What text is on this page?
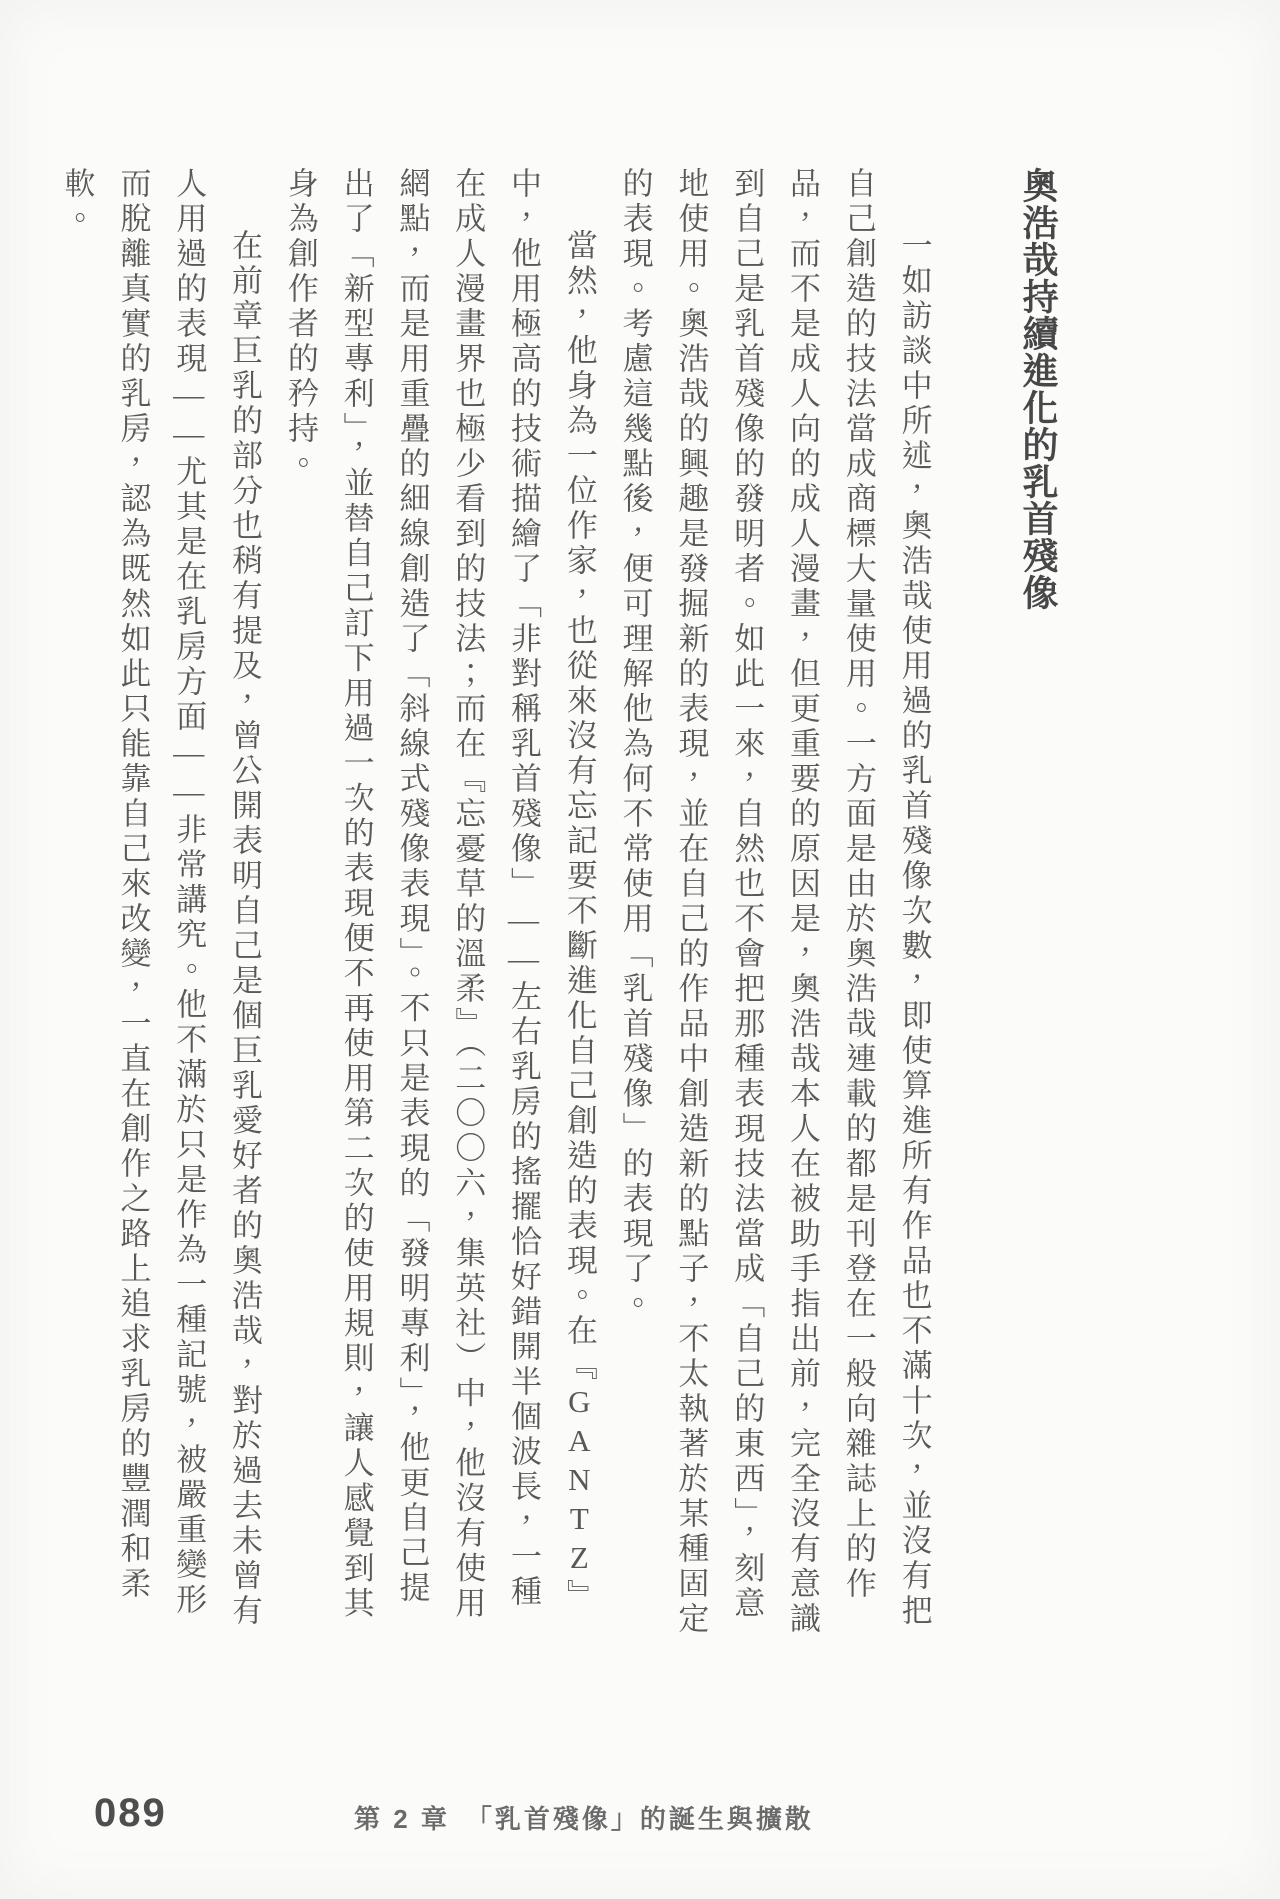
奧浩哉持續進化的乳首殘像

一如訪談中所述，奧浩哉使用過的乳首殘像次數，即使算進所有作品也不滿十次，並沒有把自己創造的技法當成商標大量使用。一方面是由於奧浩哉連載的都是刊登在一般向雜誌上的作品，而不是成人向的成人漫畫，但更重要的原因是，奧浩哉本人在被助手指出前，完全沒有意識到自己是乳首殘像的發明者。如此一來，自然也不會把那種表現技法當成「自己的東西」，刻意地使用。奧浩哉的興趣是發掘新的表現，並在自己的作品中創造新的點子，不太執著於某種固定的表現。考慮這幾點後，便可理解他為何不常使用「乳首殘像」的表現了。

當然，他身為一位作家，也從來沒有忘記要不斷進化自己創造的表現。在『GANTZ』中，他用極高的技術描繪了「非對稱乳首殘像」——左右乳房的搖擺恰好錯開半個波長，一種在成人漫畫界也極少看到的技法；而在『忘憂草的溫柔』（二〇〇六，集英社）中，他沒有使用網點，而是用重疊的細線創造了「斜線式殘像表現」。不只是表現的「發明專利」，他更自己提出了「新型專利」，並替自己訂下用過一次的表現便不再使用第二次的使用規則，讓人感覺到其身為創作者的矜持。

在前章巨乳的部分也稍有提及，曾公開表明自己是個巨乳愛好者的奧浩哉，對於過去未曾有人用過的表現——尤其是在乳房方面——非常講究。他不滿於只是作為一種記號，被嚴重變形而脫離真實的乳房，認為既然如此只能靠自己來改變，一直在創作之路上追求乳房的豐潤和柔軟。

089	第 2 章　「乳首殘像」的誕生與擴散
